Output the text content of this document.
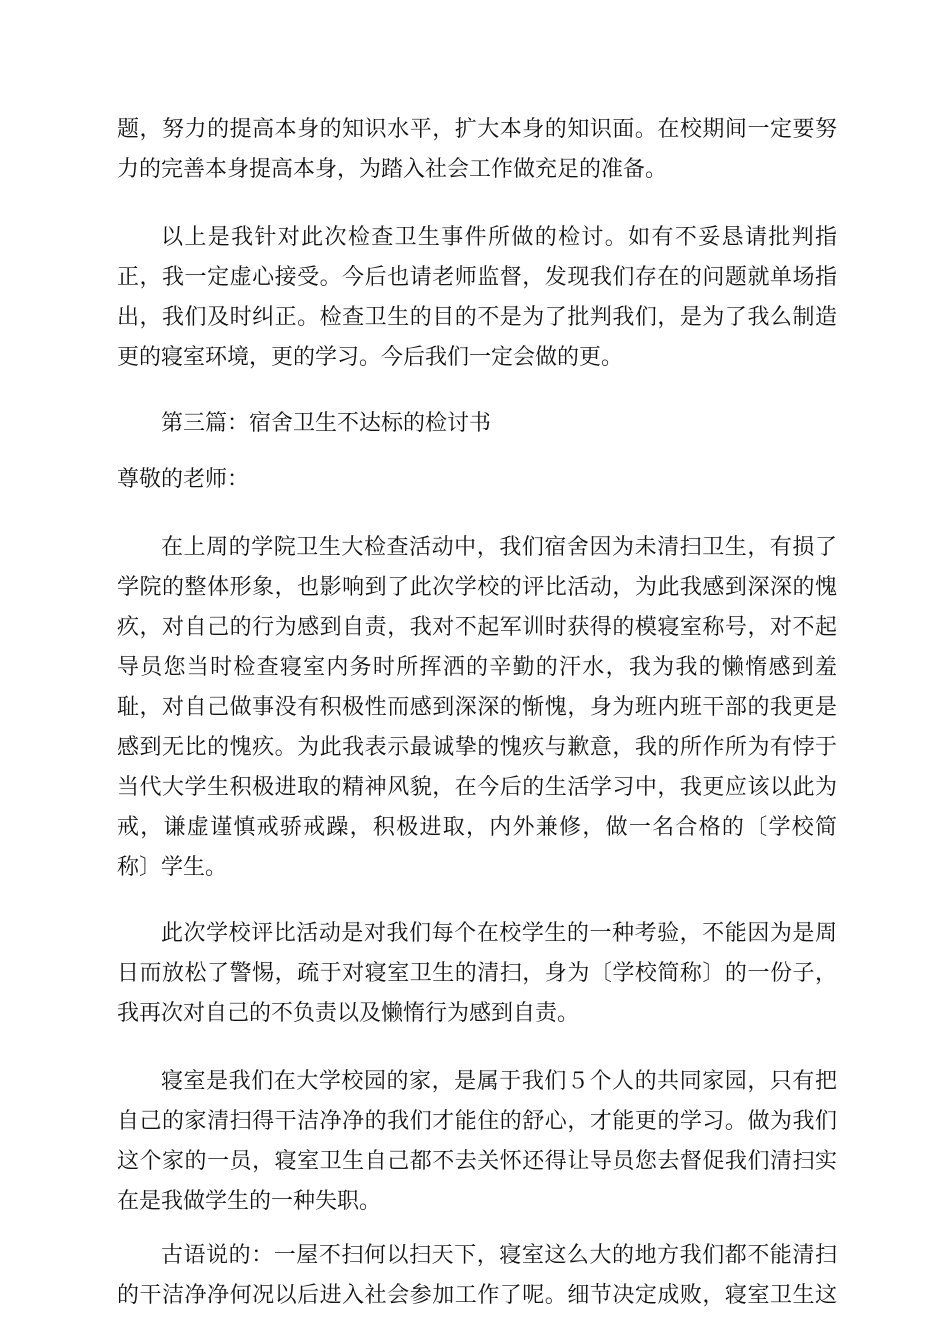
题，努力的提高本身的知识水平，扩大本身的知识面。在校期间一定要努

力的完善本身提高本身，为踏入社会工作做充足的准备。

以上是我针对此次检查卫生事件所做的检讨。如有不妥恳请批判指

正，我一定虚心接受。今后也请老师监督，发现我们存在的问题就单场指

出，我们及时纠正。检查卫生的目的不是为了批判我们，是为了我么制造

更的寝室环境，更的学习。今后我们一定会做的更。

第三篇：宿舍卫生不达标的检讨书

尊敬的老师：

在上周的学院卫生大检查活动中，我们宿舍因为未清扫卫生，有损了

学院的整体形象，也影响到了此次学校的评比活动，为此我感到深深的愧

疚，对自己的行为感到自责，我对不起军训时获得的模寝室称号，对不起

导员您当时检查寝室内务时所挥洒的辛勤的汗水，我为我的懒惰感到羞

耻，对自己做事没有积极性而感到深深的惭愧，身为班内班干部的我更是

感到无比的愧疚。为此我表示最诚挚的愧疚与歉意，我的所作所为有悖于

当代大学生积极进取的精神风貌，在今后的生活学习中，我更应该以此为

戒，谦虚谨慎戒骄戒躁，积极进取，内外兼修，做一名合格的〔学校简

称〕学生。

此次学校评比活动是对我们每个在校学生的一种考验，不能因为是周

日而放松了警惕，疏于对寝室卫生的清扫，身为〔学校简称〕的一份子，

我再次对自己的不负责以及懒惰行为感到自责。

寝室是我们在大学校园的家，是属于我们５个人的共同家园，只有把

自己的家清扫得干洁净净的我们才能住的舒心，才能更的学习。做为我们

这个家的一员，寝室卫生自己都不去关怀还得让导员您去督促我们清扫实

在是我做学生的一种失职。

古语说的：一屋不扫何以扫天下，寝室这么大的地方我们都不能清扫

的干洁净净何况以后进入社会参加工作了呢。细节决定成败，寝室卫生这
